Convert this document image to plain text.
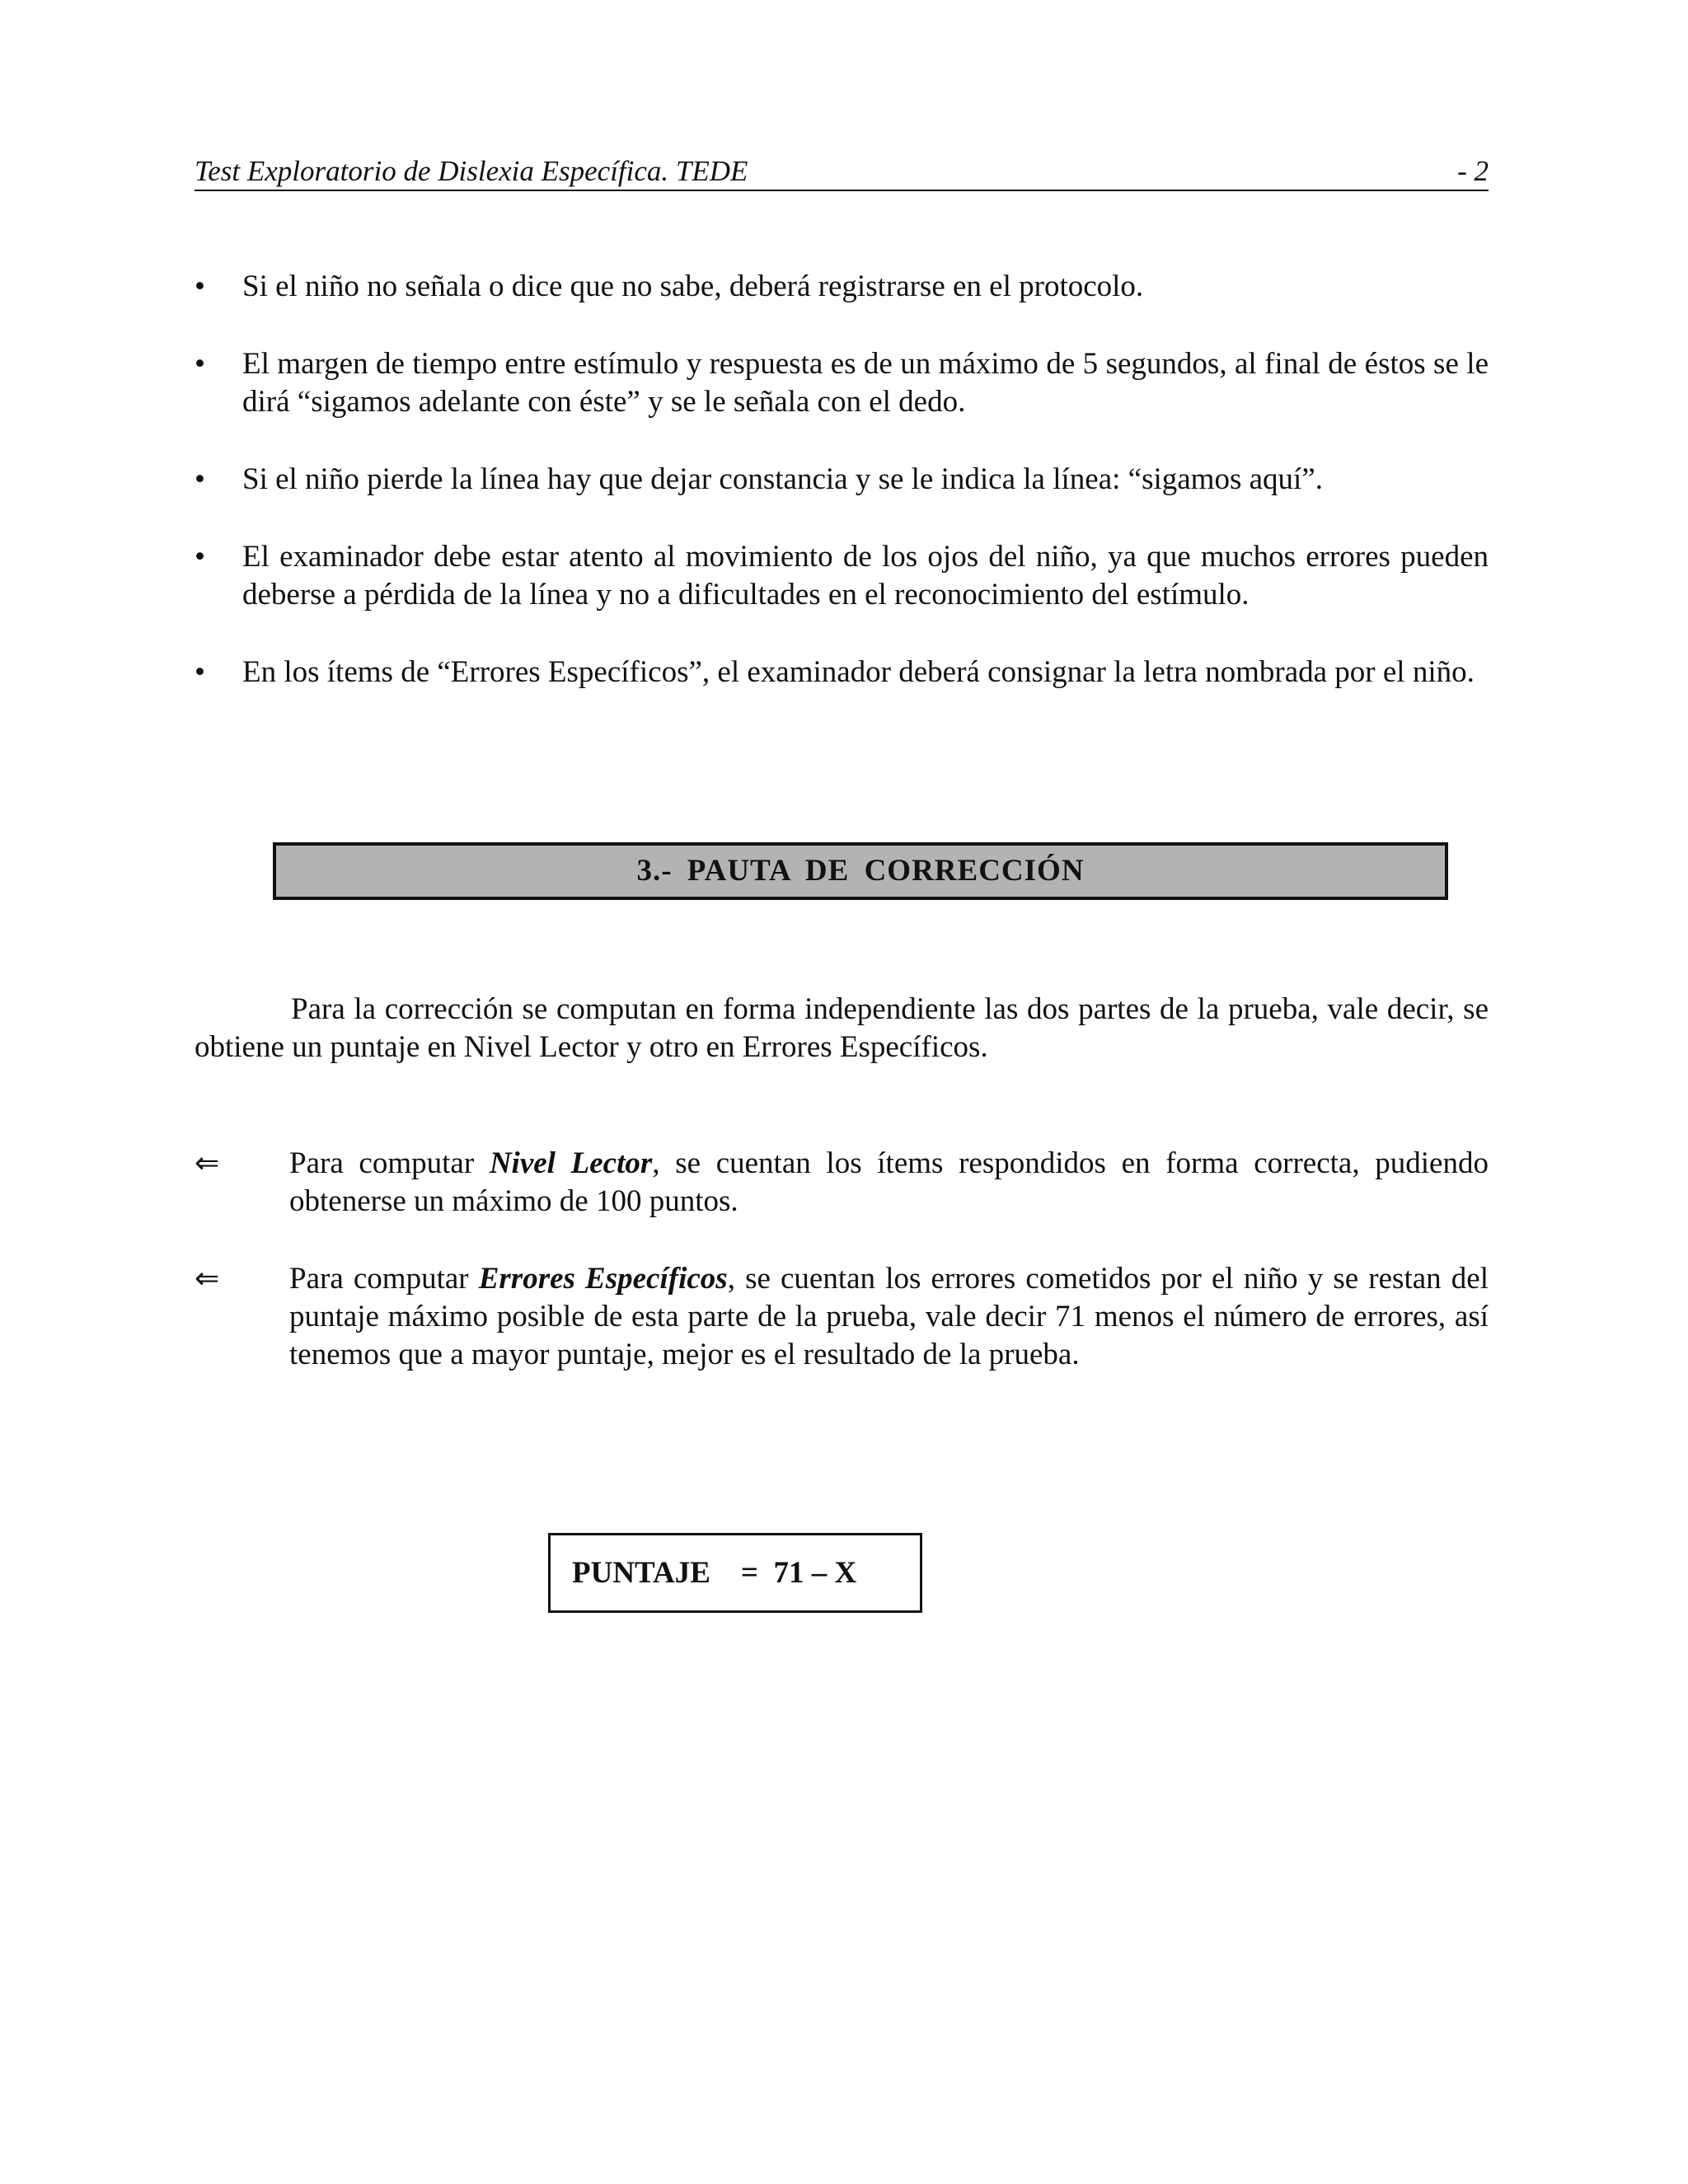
Test Exploratorio de Dislexia Específica. TEDE	- 2
•	Si el niño no señala o dice que no sabe, deberá registrarse en el protocolo.
•	El margen de tiempo entre estímulo y respuesta es de un máximo de 5 segundos, al final de éstos se le dirá “sigamos adelante con éste” y se le señala con el dedo.
•	Si el niño pierde la línea hay que dejar constancia y se le indica la línea: “sigamos aquí”.
•	El examinador debe estar atento al movimiento de los ojos del niño, ya que muchos errores pueden deberse a pérdida de la línea y no a dificultades en el reconocimiento del estímulo.
•	En los ítems de “Errores Específicos”, el examinador deberá consignar la letra nombrada por el niño.
3.- PAUTA DE CORRECCIÓN

Para la corrección se computan en forma independiente las dos partes de la prueba, vale decir, se obtiene un puntaje en Nivel Lector y otro en Errores Específicos.

⇐	Para computar Nivel Lector, se cuentan los ítems respondidos en forma correcta, pudiendo obtenerse un máximo de 100 puntos.
⇐	Para computar Errores Específicos, se cuentan los errores cometidos por el niño y se restan del puntaje máximo posible de esta parte de la prueba, vale decir 71 menos el número de errores, así tenemos que a mayor puntaje, mejor es el resultado de la prueba.
PUNTAJE =  71 – X
